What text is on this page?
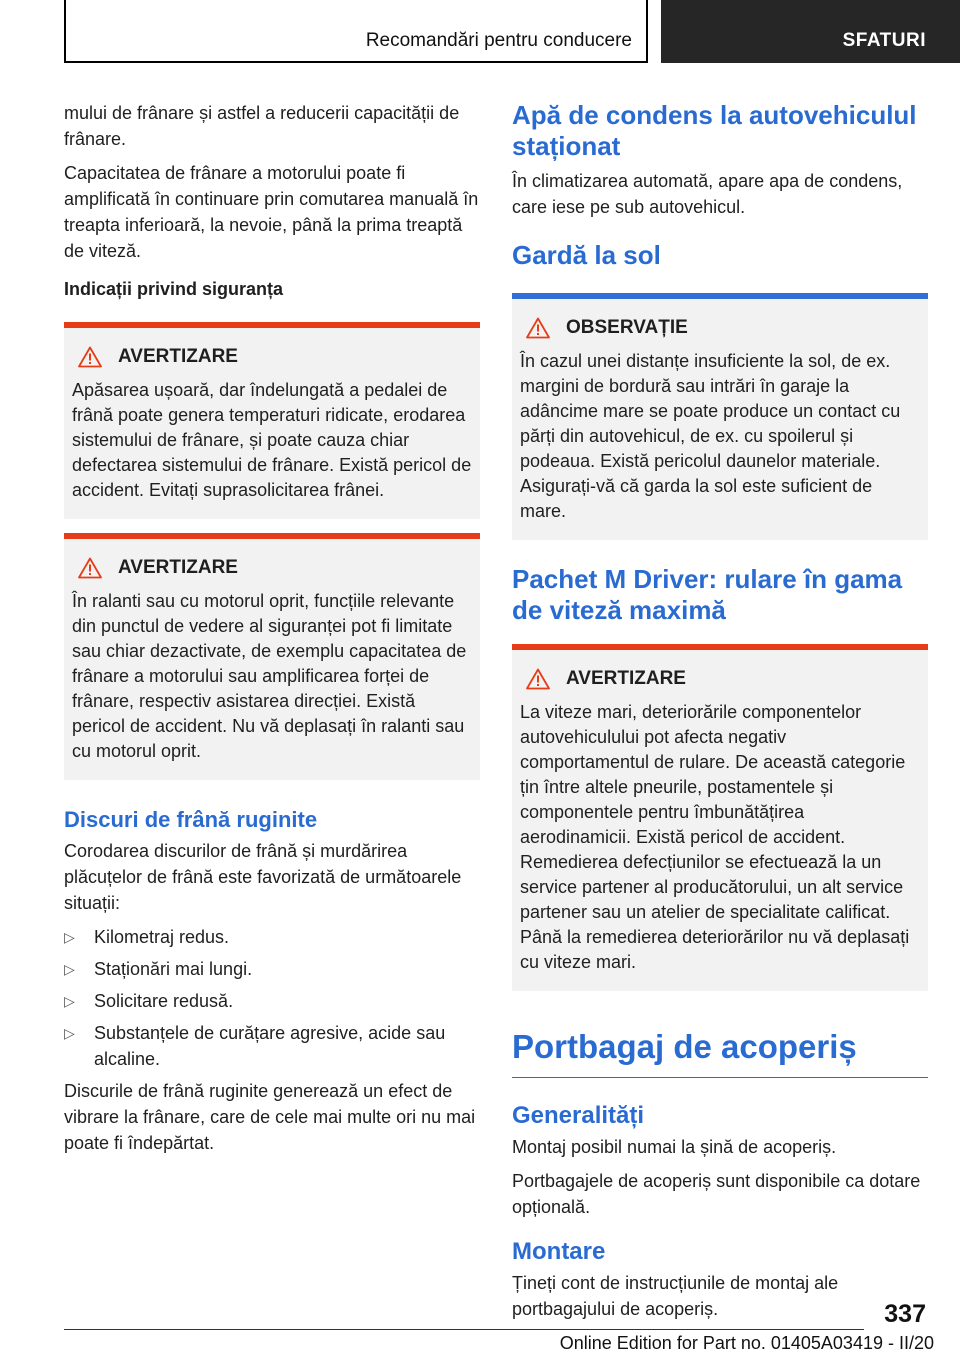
Recomandări pentru conducere	SFATURI

mului de frânare și astfel a reducerii capacității de frânare.

Capacitatea de frânare a motorului poate fi amplificată în continuare prin comutarea manuală în treapta inferioară, la nevoie, până la prima treaptă de viteză.

Indicații privind siguranța
AVERTIZARE

Apăsarea ușoară, dar îndelungată a pedalei de frână poate genera temperaturi ridicate, erodarea sistemului de frânare, și poate cauza chiar defectarea sistemului de frânare. Există pericol de accident. Evitați suprasolicitarea frânei.

AVERTIZARE

În ralanti sau cu motorul oprit, funcțiile relevante din punctul de vedere al siguranței pot fi limitate sau chiar dezactivate, de exemplu capacitatea de frânare a motorului sau amplificarea forței de frânare, respectiv asistarea direcției. Există pericol de accident. Nu vă deplasați în ralanti sau cu motorul oprit.

Discuri de frână ruginite

Corodarea discurilor de frână și murdărirea plăcuțelor de frână este favorizată de următoarele situații:

▷ Kilometraj redus.
▷ Staționări mai lungi.
▷ Solicitare redusă.
▷ Substanțele de curățare agresive, acide sau alcaline.

Discurile de frână ruginite generează un efect de vibrare la frânare, care de cele mai multe ori nu mai poate fi îndepărtat.

Apă de condens la autovehiculul staționat

În climatizarea automată, apare apa de condens, care iese pe sub autovehicul.

Gardă la sol
OBSERVAȚIE

În cazul unei distanțe insuficiente la sol, de ex. margini de bordură sau intrări în garaje la adâncime mare se poate produce un contact cu părți din autovehicul, de ex. cu spoilerul și podeaua. Există pericolul daunelor materiale. Asigurați-vă că garda la sol este suficient de mare.

Pachet M Driver: rulare în gama de viteză maximă
AVERTIZARE

La viteze mari, deteriorările componentelor autovehiculului pot afecta negativ comportamentul de rulare. De această categorie țin între altele pneurile, postamentele și componentele pentru îmbunătățirea aerodinamicii. Există pericol de accident. Remedierea defecțiunilor se efectuează la un service partener al producătorului, un alt service partener sau un atelier de specialitate calificat. Până la remedierea deteriorărilor nu vă deplasați cu viteze mari.

Portbagaj de acoperiș
Generalități

Montaj posibil numai la șină de acoperiș.

Portbagajele de acoperiș sunt disponibile ca dotare opțională.

Montare

Țineți cont de instrucțiunile de montaj ale portbagajului de acoperiș.	337
Online Edition for Part no. 01405A03419 - II/20
